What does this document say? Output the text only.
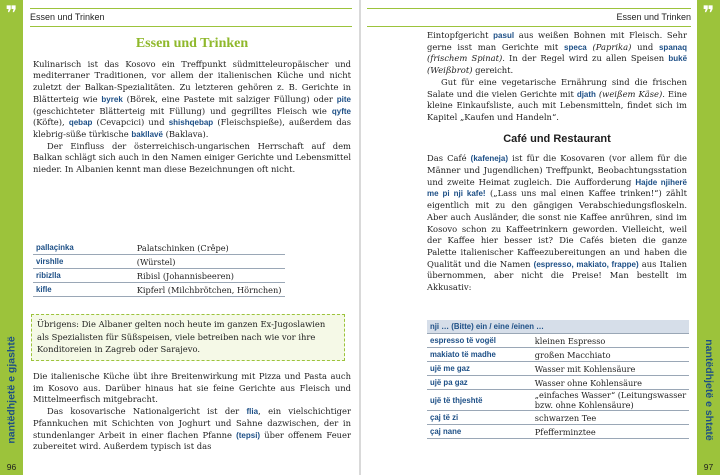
❞
nantëdhjetë e gjashtë
96
Essen und Trinken
Essen und Trinken

Kulinarisch ist das Kosovo ein Treffpunkt südmitteleuropäischer und mediterraner Traditionen, vor allem der italienischen Küche und nicht zuletzt der Balkan-Spezialitäten. Zu letzteren gehören z. B. Gerichte in Blätterteig wie byrek (Börek, eine Pastete mit salziger Füllung) oder pite (geschichteter Blätterteig mit Füllung) und gegrilltes Fleisch wie qyfte (Köfte), qebap (Cevapcici) und shishqebap (Fleischspieße), außerdem das klebrig-süße türkische bakllavë (Baklava).

Der Einfluss der österreichisch-ungarischen Herrschaft auf dem Balkan schlägt sich auch in den Namen einiger Gerichte und Lebensmittel nieder. In Albanien kennt man diese Bezeichnungen oft nicht.

pallaçinka	Palatschinken (Crêpe)
virshlle	(Würstel)
ribizlla	Ribisl (Johannisbeeren)
kifle	Kipferl (Milchbrötchen, Hörnchen)

Übrigens: Die Albaner gelten noch heute im ganzen Ex-Jugoslawien als Spezialisten für Süßspeisen, viele betreiben nach wie vor ihre Konditoreien in Zagreb oder Sarajevo.

Die italienische Küche übt ihre Breitenwirkung mit Pizza und Pasta auch im Kosovo aus. Darüber hinaus hat sie feine Gerichte aus Fleisch und Mittelmeerfisch mitgebracht.

Das kosovarische Nationalgericht ist der flia, ein vielschichtiger Pfannkuchen mit Schichten von Joghurt und Sahne dazwischen, der in stundenlanger Arbeit in einer flachen Pfanne (tepsi) über offenem Feuer zubereitet wird. Außerdem typisch ist das

❞
nantëdhjetë e shtatë
97
Essen und Trinken

Eintopfgericht pasul aus weißen Bohnen mit Fleisch. Sehr gerne isst man Gerichte mit speca (Paprika) und spanaq (frischem Spinat). In der Regel wird zu allen Speisen bukë (Weißbrot) gereicht.

Gut für eine vegetarische Ernährung sind die frischen Salate und die vielen Gerichte mit djath (weißem Käse). Eine kleine Einkaufsliste, auch mit Lebensmitteln, findet sich im Kapitel „Kaufen und Handeln“.

Café und Restaurant

Das Café (kafeneja) ist für die Kosovaren (vor allem für die Männer und Jugendlichen) Treffpunkt, Beobachtungsstation und zweite Heimat zugleich. Die Aufforderung Hajde njiherë me pi nji kafe! („Lass uns mal einen Kaffee trinken!“) zählt eigentlich mit zu den gängigen Verabschiedungsfloskeln. Aber auch Ausländer, die sonst nie Kaffee anrühren, sind im Kosovo schon zu Kaffeetrinkern geworden. Vielleicht, weil der Kaffee hier besser ist? Die Cafés bieten die ganze Palette italienischer Kaffeezubereitungen an und haben die Qualität und die Namen (espresso, makiato, frappe) aus Italien übernommen, aber nicht die Preise! Man bestellt im Akkusativ:

nji … (Bitte) ein / eine /einen …	
espresso të vogël	kleinen Espresso
makiato të madhe	großen Macchiato
ujë me gaz	Wasser mit Kohlensäure
ujë pa gaz	Wasser ohne Kohlensäure
ujë të thjeshtë	„einfaches Wasser“ (Leitungswasser bzw. ohne Kohlensäure)
çaj të zi	schwarzen Tee
çaj nane	Pfefferminztee
